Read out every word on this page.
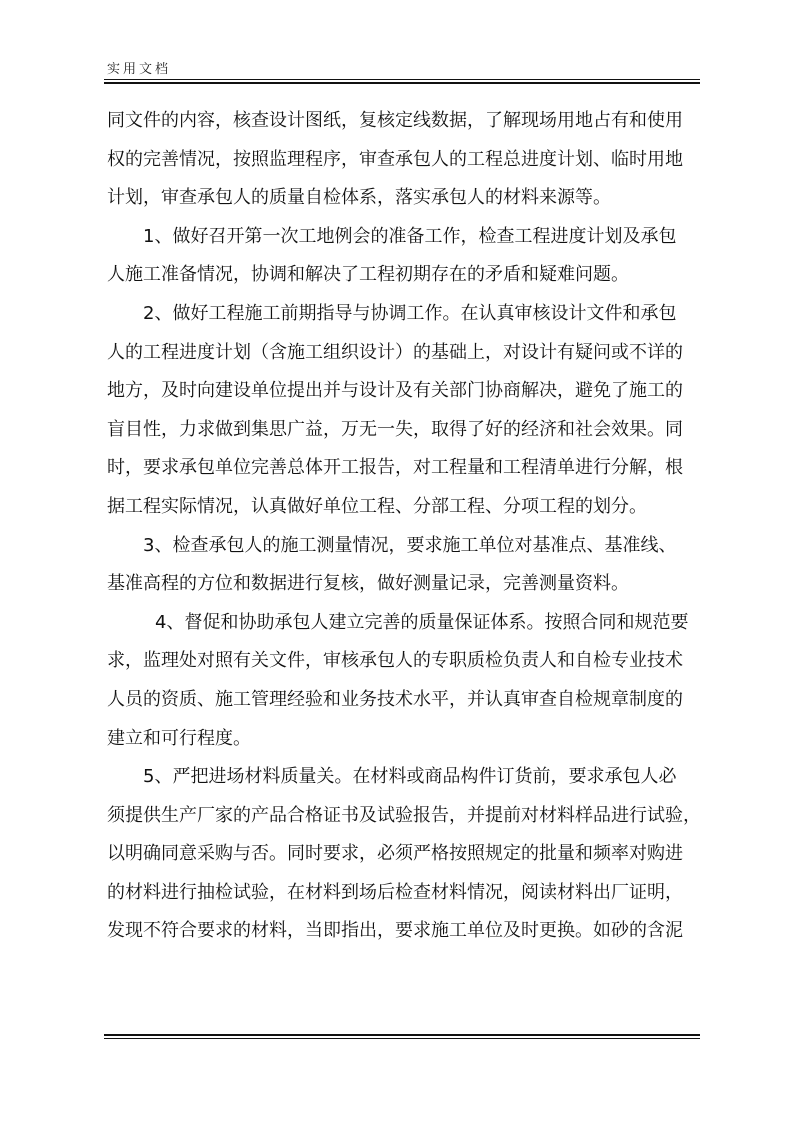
实用文档
同文件的内容，核查设计图纸，复核定线数据，了解现场用地占有和使用
权的完善情况，按照监理程序，审查承包人的工程总进度计划、临时用地
计划，审查承包人的质量自检体系，落实承包人的材料来源等。
1、做好召开第一次工地例会的准备工作，检查工程进度计划及承包
人施工准备情况，协调和解决了工程初期存在的矛盾和疑难问题。
2、做好工程施工前期指导与协调工作。在认真审核设计文件和承包
人的工程进度计划（含施工组织设计）的基础上，对设计有疑问或不详的
地方，及时向建设单位提出并与设计及有关部门协商解决，避免了施工的
盲目性，力求做到集思广益，万无一失，取得了好的经济和社会效果。同
时，要求承包单位完善总体开工报告，对工程量和工程清单进行分解，根
据工程实际情况，认真做好单位工程、分部工程、分项工程的划分。
3、检查承包人的施工测量情况，要求施工单位对基准点、基准线、
基准高程的方位和数据进行复核，做好测量记录，完善测量资料。
4、督促和协助承包人建立完善的质量保证体系。按照合同和规范要
求，监理处对照有关文件，审核承包人的专职质检负责人和自检专业技术
人员的资质、施工管理经验和业务技术水平，并认真审查自检规章制度的
建立和可行程度。
5、严把进场材料质量关。在材料或商品构件订货前，要求承包人必
须提供生产厂家的产品合格证书及试验报告，并提前对材料样品进行试验，
以明确同意采购与否。同时要求，必须严格按照规定的批量和频率对购进
的材料进行抽检试验，在材料到场后检查材料情况，阅读材料出厂证明，
发现不符合要求的材料，当即指出，要求施工单位及时更换。如砂的含泥
